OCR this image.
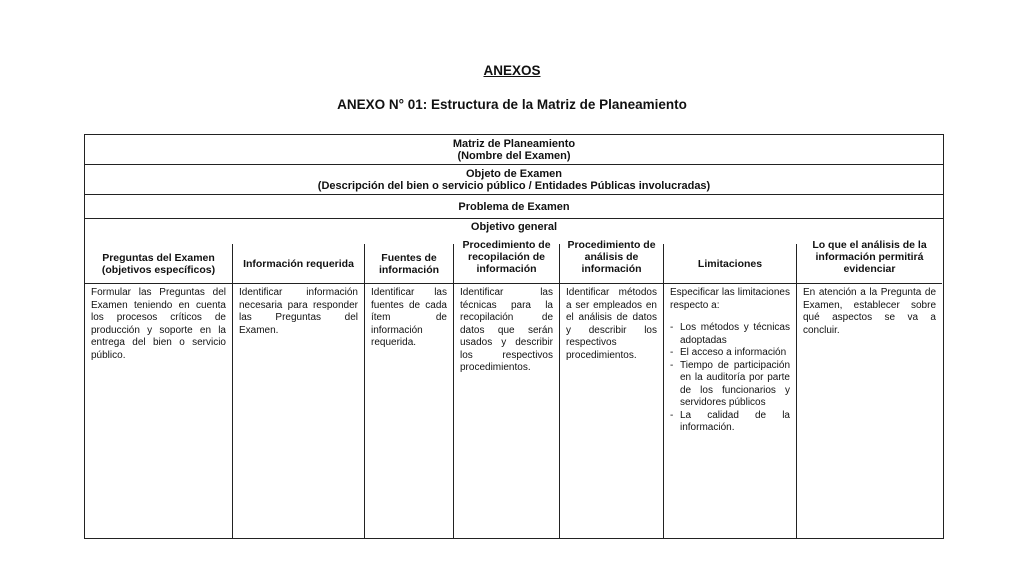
ANEXOS
ANEXO N° 01: Estructura de la Matriz de Planeamiento
Matriz de Planeamiento
(Nombre del Examen)
Objeto de Examen
(Descripción del bien o servicio público / Entidades Públicas involucradas)
Problema de Examen
Objetivo general
Preguntas del Examen (objetivos específicos)
Formular las Preguntas del Examen teniendo en cuenta los procesos críticos de producción y soporte en la entrega del bien o servicio público.
Información requerida
Identificar información necesaria para responder las Preguntas del Examen.
Fuentes de información
Identificar las fuentes de cada ítem de información requerida.
Procedimiento de recopilación de información
Identificar las técnicas para la recopilación de datos que serán usados y describir los respectivos procedimientos.
Procedimiento de análisis de información
Identificar métodos a ser empleados en el análisis de datos y describir los respectivos procedimientos.
Limitaciones
Especificar las limitaciones respecto a:
- Los métodos y técnicas adoptadas
- El acceso a información
- Tiempo de participación en la auditoría por parte de los funcionarios y servidores públicos
- La calidad de la información.
Lo que el análisis de la información permitirá evidenciar
En atención a la Pregunta de Examen, establecer sobre qué aspectos se va a concluir.
